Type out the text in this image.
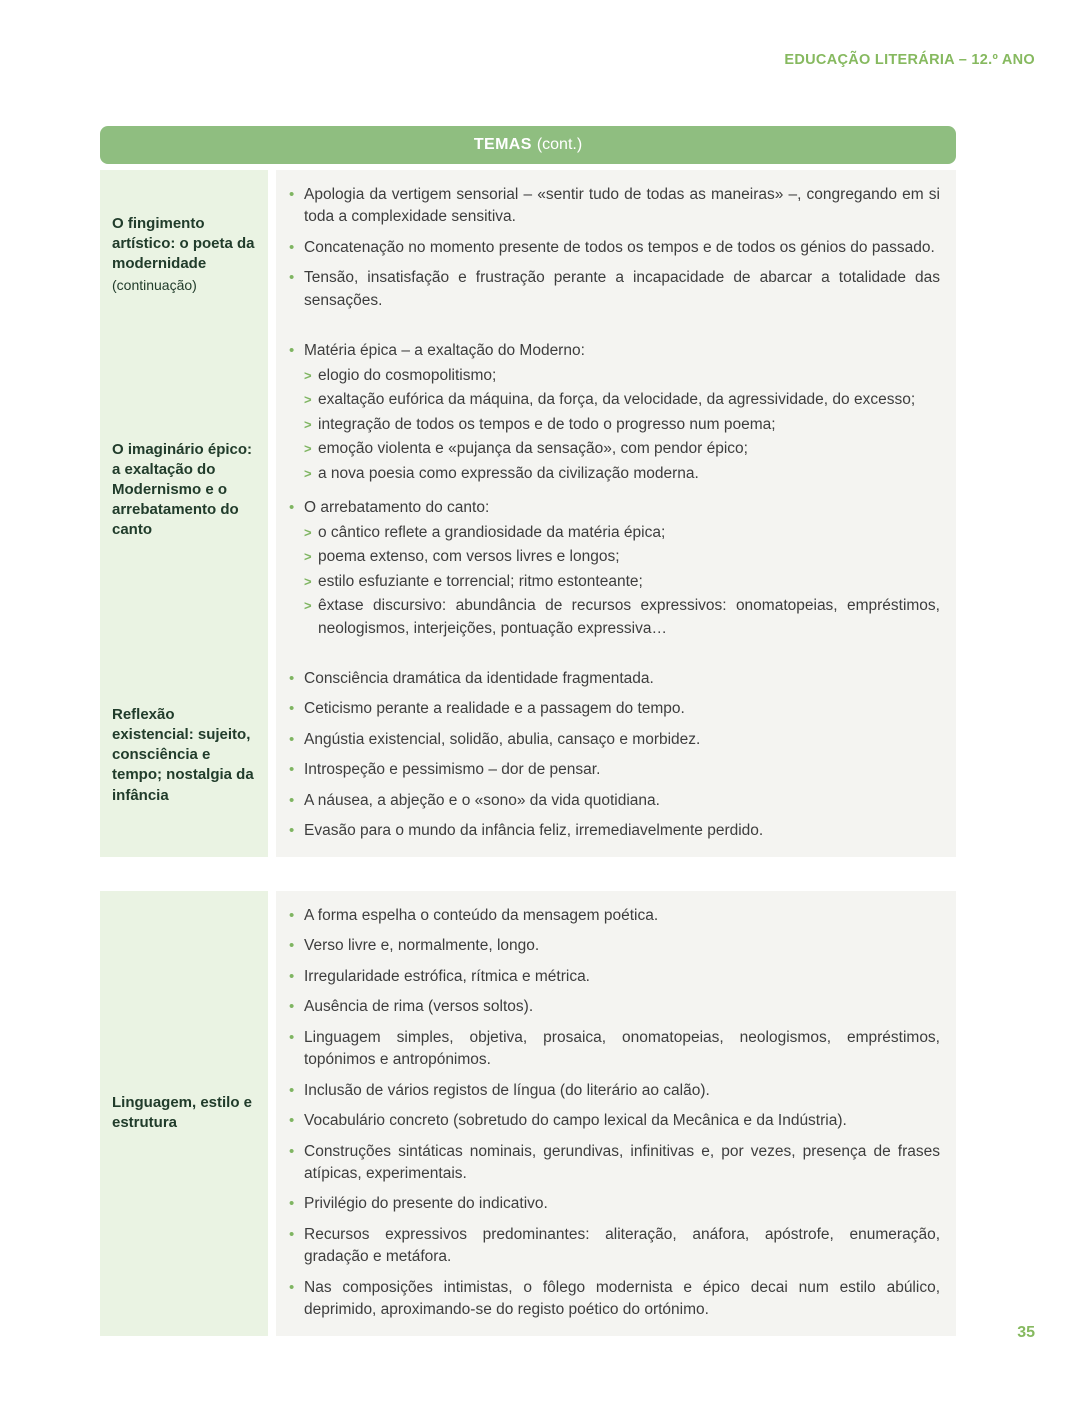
EDUCAÇÃO LITERÁRIA – 12.º ANO
TEMAS (cont.)
O fingimento artístico: o poeta da modernidade
(continuação)
• Apologia da vertigem sensorial – «sentir tudo de todas as maneiras» –, congregando em si toda a complexidade sensitiva.
• Concatenação no momento presente de todos os tempos e de todos os génios do passado.
• Tensão, insatisfação e frustração perante a incapacidade de abarcar a totalidade das sensações.
O imaginário épico: a exaltação do Modernismo e o arrebatamento do canto
• Matéria épica – a exaltação do Moderno:
> elogio do cosmopolitismo;
> exaltação eufórica da máquina, da força, da velocidade, da agressividade, do excesso;
> integração de todos os tempos e de todo o progresso num poema;
> emoção violenta e «pujança da sensação», com pendor épico;
> a nova poesia como expressão da civilização moderna.
• O arrebatamento do canto:
> o cântico reflete a grandiosidade da matéria épica;
> poema extenso, com versos livres e longos;
> estilo esfuziante e torrencial; ritmo estonteante;
> êxtase discursivo: abundância de recursos expressivos: onomatopeias, empréstimos, neologismos, interjeições, pontuação expressiva…
Reflexão existencial: sujeito, consciência e tempo; nostalgia da infância
• Consciência dramática da identidade fragmentada.
• Ceticismo perante a realidade e a passagem do tempo.
• Angústia existencial, solidão, abulia, cansaço e morbidez.
• Introspeção e pessimismo – dor de pensar.
• A náusea, a abjeção e o «sono» da vida quotidiana.
• Evasão para o mundo da infância feliz, irremediavelmente perdido.
Linguagem, estilo e estrutura
• A forma espelha o conteúdo da mensagem poética.
• Verso livre e, normalmente, longo.
• Irregularidade estrófica, rítmica e métrica.
• Ausência de rima (versos soltos).
• Linguagem simples, objetiva, prosaica, onomatopeias, neologismos, empréstimos, topónimos e antropónimos.
• Inclusão de vários registos de língua (do literário ao calão).
• Vocabulário concreto (sobretudo do campo lexical da Mecânica e da Indústria).
• Construções sintáticas nominais, gerundivas, infinitivas e, por vezes, presença de frases atípicas, experimentais.
• Privilégio do presente do indicativo.
• Recursos expressivos predominantes: aliteração, anáfora, apóstrofe, enumeração, gradação e metáfora.
• Nas composições intimistas, o fôlego modernista e épico decai num estilo abúlico, deprimido, aproximando-se do registo poético do ortónimo.
35
